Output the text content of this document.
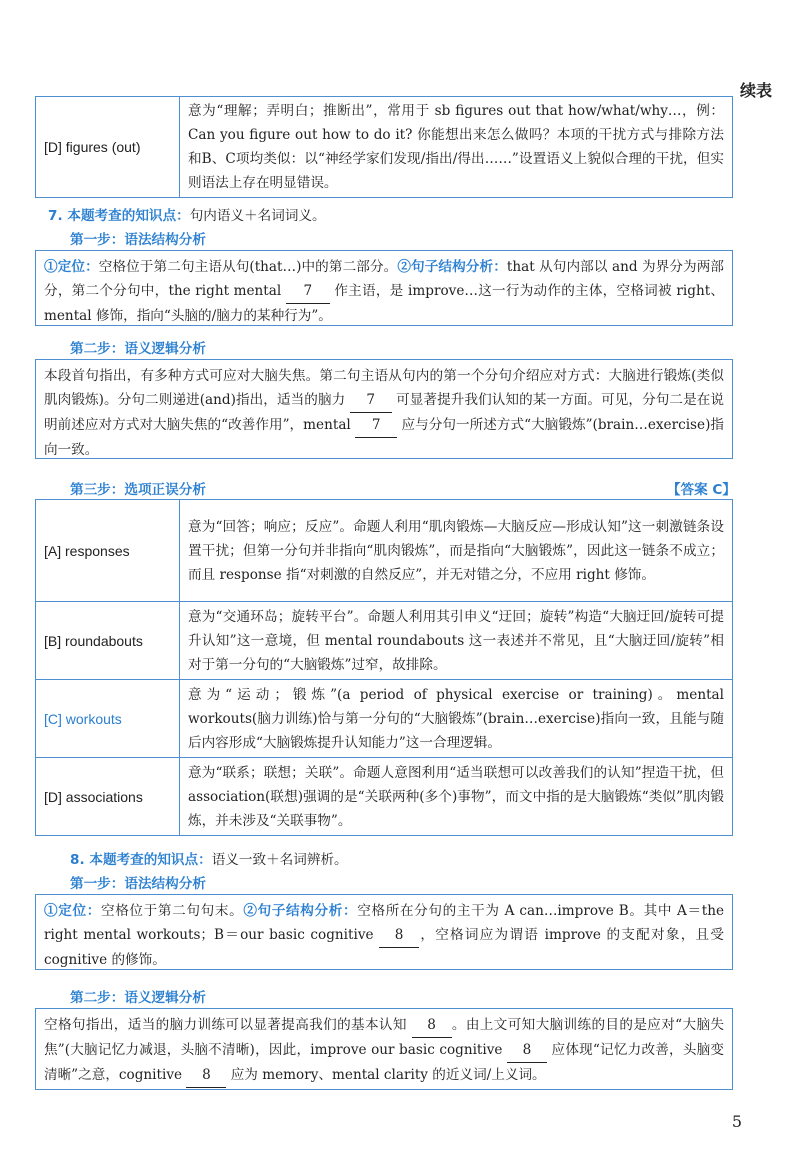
续表
[D] figures (out)	意为“理解；弄明白；推断出”，常用于 sb figures out that how/what/why…，例：Can you figure out how to do it? 你能想出来怎么做吗？本项的干扰方式与排除方法和B、C项均类似：以“神经学家们发现/指出/得出……”设置语义上貌似合理的干扰，但实则语法上存在明显错误。
7. 本题考查的知识点：句内语义＋名词词义。
第一步：语法结构分析
①定位：空格位于第二句主语从句(that…)中的第二部分。②句子结构分析：that 从句内部以 and 为界分为两部分，第二个分句中，the right mental 7 作主语，是 improve…这一行为动作的主体，空格词被 right、mental 修饰，指向“头脑的/脑力的某种行为”。
第二步：语义逻辑分析
本段首句指出，有多种方式可应对大脑失焦。第二句主语从句内的第一个分句介绍应对方式：大脑进行锻炼(类似肌肉锻炼)。分句二则递进(and)指出，适当的脑力 7 可显著提升我们认知的某一方面。可见，分句二是在说明前述应对方式对大脑失焦的“改善作用”，mental 7 应与分句一所述方式“大脑锻炼”(brain…exercise)指向一致。
第三步：选项正误分析	【答案 C】
[A] responses	意为“回答；响应；反应”。命题人利用“肌肉锻炼—大脑反应—形成认知”这一刺激链条设置干扰；但第一分句并非指向“肌肉锻炼”，而是指向“大脑锻炼”，因此这一链条不成立；而且 response 指“对刺激的自然反应”，并无对错之分，不应用 right 修饰。
[B] roundabouts	意为“交通环岛；旋转平台”。命题人利用其引申义“迂回；旋转”构造“大脑迂回/旋转可提升认知”这一意境，但 mental roundabouts 这一表述并不常见，且“大脑迂回/旋转”相对于第一分句的“大脑锻炼”过窄，故排除。
[C] workouts	意为“运动；锻炼”(a period of physical exercise or training)。mental workouts(脑力训练)恰与第一分句的“大脑锻炼”(brain…exercise)指向一致，且能与随后内容形成“大脑锻炼提升认知能力”这一合理逻辑。
[D] associations	意为“联系；联想；关联”。命题人意图利用“适当联想可以改善我们的认知”捏造干扰，但 association(联想)强调的是“关联两种(多个)事物”，而文中指的是大脑锻炼“类似”肌肉锻炼，并未涉及“关联事物”。
8. 本题考查的知识点：语义一致＋名词辨析。
第一步：语法结构分析
①定位：空格位于第二句句末。②句子结构分析：空格所在分句的主干为 A can…improve B。其中 A＝the right mental workouts；B＝our basic cognitive 8 ，空格词应为谓语 improve 的支配对象，且受 cognitive 的修饰。
第二步：语义逻辑分析
空格句指出，适当的脑力训练可以显著提高我们的基本认知 8 。由上文可知大脑训练的目的是应对“大脑失焦”(大脑记忆力减退，头脑不清晰)，因此，improve our basic cognitive 8 应体现“记忆力改善，头脑变清晰”之意，cognitive 8 应为 memory、mental clarity 的近义词/上义词。
5
